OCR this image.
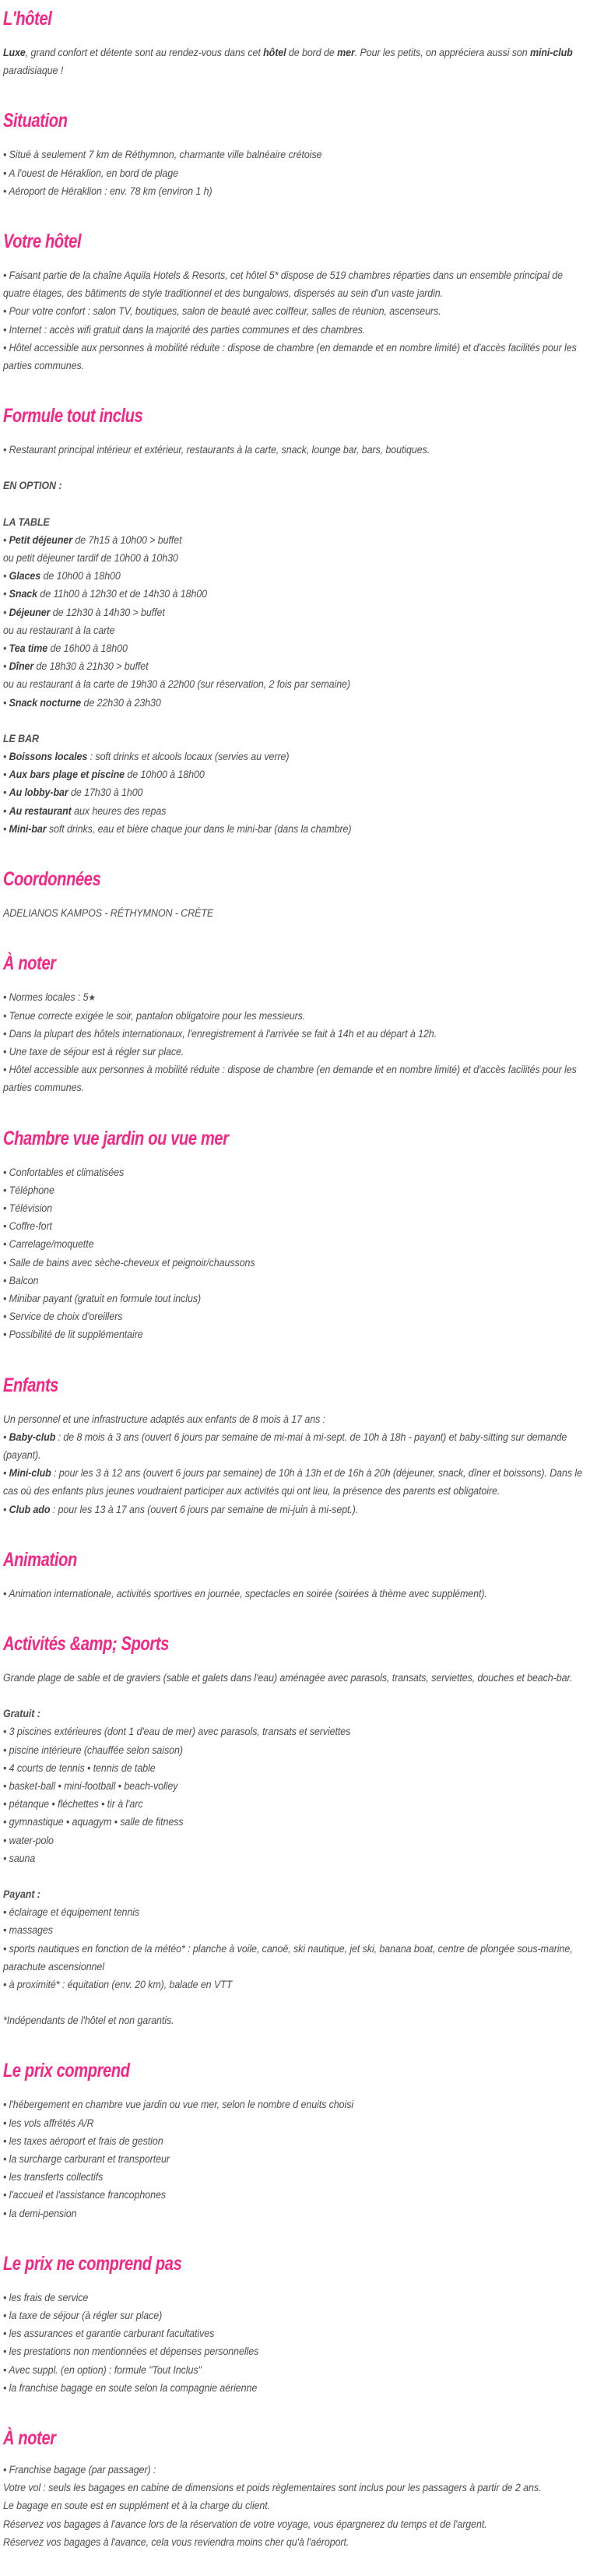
L'hôtel

Luxe, grand confort et détente sont au rendez-vous dans cet hôtel de bord de mer. Pour les petits, on appréciera aussi son mini-club paradisiaque !

Situation

• Situé à seulement 7 km de Réthymnon, charmante ville balnéaire crétoise

• A l'ouest de Héraklion, en bord de plage

• Aéroport de Héraklion : env. 78 km (environ 1 h)

Votre hôtel

• Faisant partie de la chaîne Aquila Hotels & Resorts, cet hôtel 5* dispose de 519 chambres réparties dans un ensemble principal de quatre étages, des bâtiments de style traditionnel et des bungalows, dispersés au sein d'un vaste jardin.

• Pour votre confort : salon TV, boutiques, salon de beauté avec coiffeur, salles de réunion, ascenseurs.

• Internet : accès wifi gratuit dans la majorité des parties communes et des chambres.

• Hôtel accessible aux personnes à mobilité réduite : dispose de chambre (en demande et en nombre limité) et d'accès facilités pour les parties communes.

Formule tout inclus

• Restaurant principal intérieur et extérieur, restaurants à la carte, snack, lounge bar, bars, boutiques.

EN OPTION :

LA TABLE

• Petit déjeuner de 7h15 à 10h00 > buffet

ou petit déjeuner tardif de 10h00 à 10h30

• Glaces de 10h00 à 18h00

• Snack de 11h00 à 12h30 et de 14h30 à 18h00

• Déjeuner de 12h30 à 14h30 > buffet

ou au restaurant à la carte

• Tea time de 16h00 à 18h00

• Dîner de 18h30 à 21h30 > buffet

ou au restaurant à la carte de 19h30 à 22h00 (sur réservation, 2 fois par semaine)

• Snack nocturne de 22h30 à 23h30

LE BAR

• Boissons locales : soft drinks et alcools locaux (servies au verre)

• Aux bars plage et piscine de 10h00 à 18h00

• Au lobby-bar de 17h30 à 1h00

• Au restaurant aux heures des repas

• Mini-bar soft drinks, eau et bière chaque jour dans le mini-bar (dans la chambre)

Coordonnées

ADELIANOS KAMPOS - RÉTHYMNON - CRÈTE

À noter

• Normes locales : 5★

• Tenue correcte exigée le soir, pantalon obligatoire pour les messieurs.

• Dans la plupart des hôtels internationaux, l'enregistrement à l'arrivée se fait à 14h et au départ à 12h.

• Une taxe de séjour est à régler sur place.

• Hôtel accessible aux personnes à mobilité réduite : dispose de chambre (en demande et en nombre limité) et d'accès facilités pour les parties communes.

Chambre vue jardin ou vue mer

• Confortables et climatisées

• Téléphone

• Télévision

• Coffre-fort

• Carrelage/moquette

• Salle de bains avec sèche-cheveux et peignoir/chaussons

• Balcon

• Minibar payant (gratuit en formule tout inclus)

• Service de choix d'oreillers

• Possibilité de lit supplémentaire

Enfants

Un personnel et une infrastructure adaptés aux enfants de 8 mois à 17 ans :

• Baby-club : de 8 mois à 3 ans (ouvert 6 jours par semaine de mi-mai à mi-sept. de 10h à 18h - payant) et baby-sitting sur demande (payant).

• Mini-club : pour les 3 à 12 ans (ouvert 6 jours par semaine) de 10h à 13h et de 16h à 20h (déjeuner, snack, dîner et boissons). Dans le cas où des enfants plus jeunes voudraient participer aux activités qui ont lieu, la présence des parents est obligatoire.

• Club ado : pour les 13 à 17 ans (ouvert 6 jours par semaine de mi-juin à mi-sept.).

Animation

• Animation internationale, activités sportives en journée, spectacles en soirée (soirées à thème avec supplément).

Activités &amp; Sports

Grande plage de sable et de graviers (sable et galets dans l'eau) aménagée avec parasols, transats, serviettes, douches et beach-bar.

Gratuit :

• 3 piscines extérieures (dont 1 d'eau de mer) avec parasols, transats et serviettes

• piscine intérieure (chauffée selon saison)

• 4 courts de tennis • tennis de table

• basket-ball • mini-football • beach-volley

• pétanque • fléchettes • tir à l'arc

• gymnastique • aquagym • salle de fitness

• water-polo

• sauna

Payant :

• éclairage et équipement tennis

• massages

• sports nautiques en fonction de la météo* : planche à voile, canoë, ski nautique, jet ski, banana boat, centre de plongée sous-marine, parachute ascensionnel

• à proximité* : équitation (env. 20 km), balade en VTT

*Indépendants de l'hôtel et non garantis.

Le prix comprend

• l'hébergement en chambre vue jardin ou vue mer, selon le nombre d enuits choisi

• les vols affrétés A/R

• les taxes aéroport et frais de gestion

• la surcharge carburant et transporteur

• les transferts collectifs

• l'accueil et l'assistance francophones

• la demi-pension

Le prix ne comprend pas

• les frais de service

• la taxe de séjour (à régler sur place)

• les assurances et garantie carburant facultatives

• les prestations non mentionnées et dépenses personnelles

• Avec suppl. (en option) : formule "Tout Inclus"

• la franchise bagage en soute selon la compagnie aérienne

À noter

• Franchise bagage (par passager) :

Votre vol : seuls les bagages en cabine de dimensions et poids règlementaires sont inclus pour les passagers à partir de 2 ans.

Le bagage en soute est en supplément et à la charge du client.

Réservez vos bagages à l'avance lors de la réservation de votre voyage, vous épargnerez du temps et de l'argent.

Réservez vos bagages à l'avance, cela vous reviendra moins cher qu'à l'aéroport.
